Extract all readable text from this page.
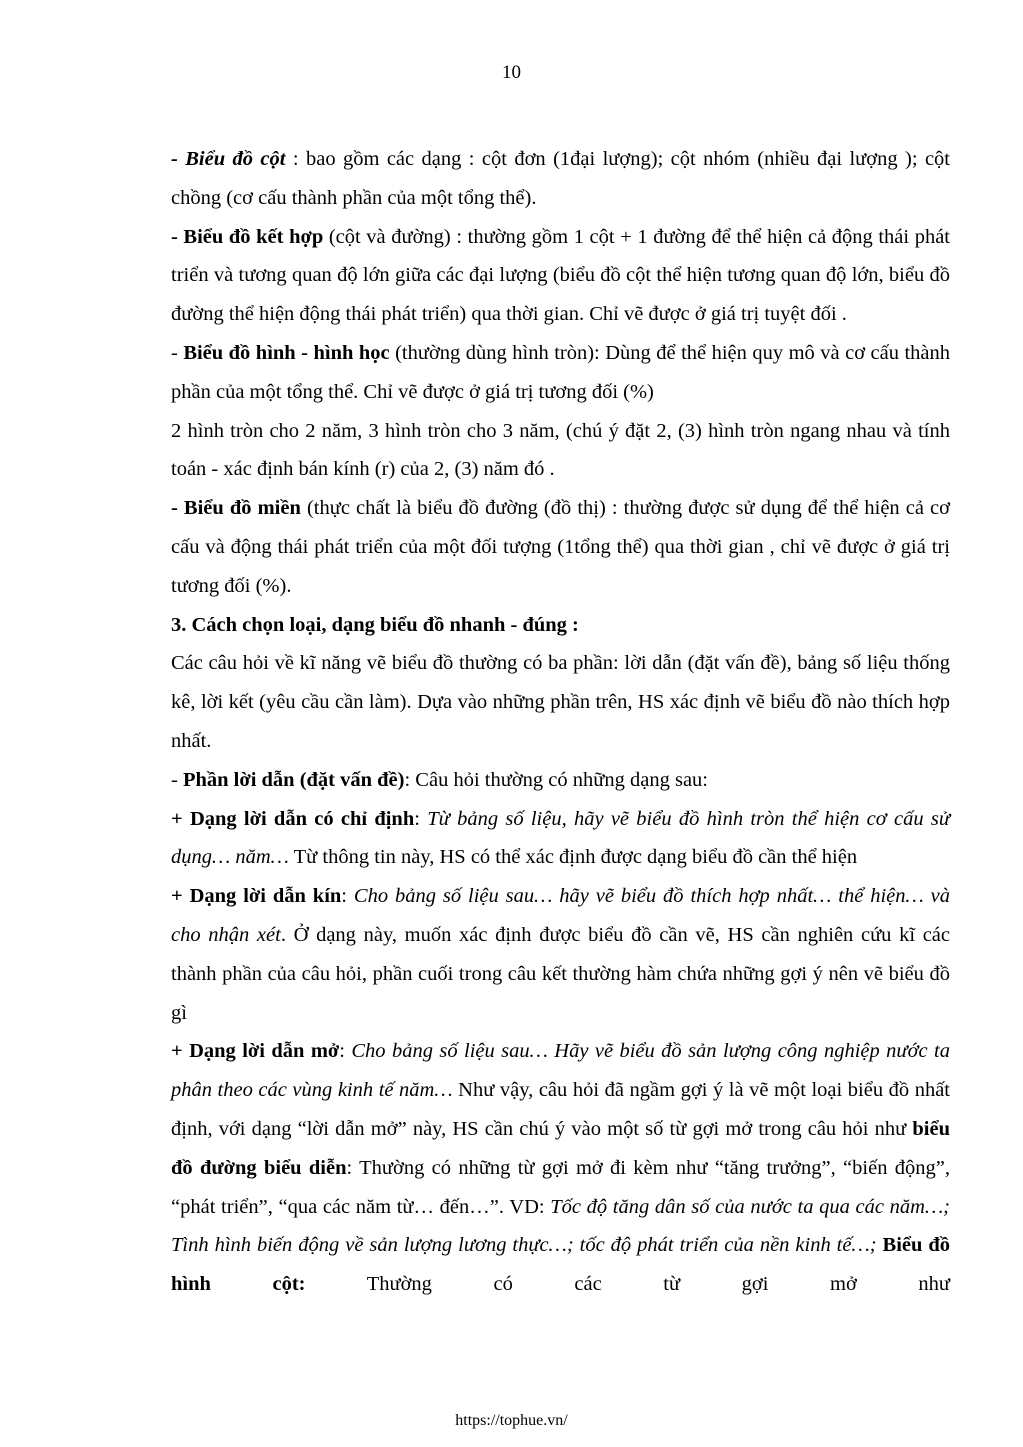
10

- Biểu đồ cột : bao gồm các dạng : cột đơn (1đại lượng); cột nhóm (nhiều đại lượng ); cột chồng (cơ cấu thành phần của một tổng thể).

- Biểu đồ kết hợp (cột và đường) : thường gồm 1 cột + 1 đường để thể hiện cả động thái phát triển và tương quan độ lớn giữa các đại lượng (biểu đồ cột thể hiện tương quan độ lớn, biểu đồ đường thể hiện động thái phát triển) qua thời gian. Chỉ vẽ được ở giá trị tuyệt đối .

- Biểu đồ hình - hình học (thường dùng hình tròn): Dùng để thể hiện quy mô và cơ cấu thành phần của một tổng thể. Chỉ vẽ được ở giá trị tương đối (%)

2 hình tròn cho 2 năm, 3 hình tròn cho 3 năm, (chú ý đặt 2, (3) hình tròn ngang nhau và tính toán - xác định bán kính (r) của 2, (3) năm đó .

- Biểu đồ miền (thực chất là biểu đồ đường (đồ thị) : thường được sử dụng để thể hiện cả cơ cấu và động thái phát triển của một đối tượng (1tổng thể) qua thời gian , chỉ vẽ được ở giá trị tương đối (%).

3. Cách chọn loại, dạng biểu đồ nhanh - đúng :

Các câu hỏi về kĩ năng vẽ biểu đồ thường có ba phần: lời dẫn (đặt vấn đề), bảng số liệu thống kê, lời kết (yêu cầu cần làm). Dựa vào những phần trên, HS xác định vẽ biểu đồ nào thích hợp nhất.

- Phần lời dẫn (đặt vấn đề): Câu hỏi thường có những dạng sau:

+ Dạng lời dẫn có chỉ định: Từ bảng số liệu, hãy vẽ biểu đồ hình tròn thể hiện cơ cấu sử dụng… năm… Từ thông tin này, HS có thể xác định được dạng biểu đồ cần thể hiện

+ Dạng lời dẫn kín: Cho bảng số liệu sau… hãy vẽ biểu đồ thích hợp nhất… thể hiện… và cho nhận xét. Ở dạng này, muốn xác định được biểu đồ cần vẽ, HS cần nghiên cứu kĩ các thành phần của câu hỏi, phần cuối trong câu kết thường hàm chứa những gợi ý nên vẽ biểu đồ gì

+ Dạng lời dẫn mở: Cho bảng số liệu sau… Hãy vẽ biểu đồ sản lượng công nghiệp nước ta phân theo các vùng kinh tế năm… Như vậy, câu hỏi đã ngầm gợi ý là vẽ một loại biểu đồ nhất định, với dạng “lời dẫn mở” này, HS cần chú ý vào một số từ gợi mở trong câu hỏi như biểu đồ đường biểu diễn: Thường có những từ gợi mở đi kèm như “tăng trưởng”, “biến động”, “phát triển”, “qua các năm từ… đến…”. VD: Tốc độ tăng dân số của nước ta qua các năm…; Tình hình biến động về sản lượng lương thực…; tốc độ phát triển của nền kinh tế…; Biểu đồ hình cột: Thường có các từ gợi mở như

https://tophue.vn/
